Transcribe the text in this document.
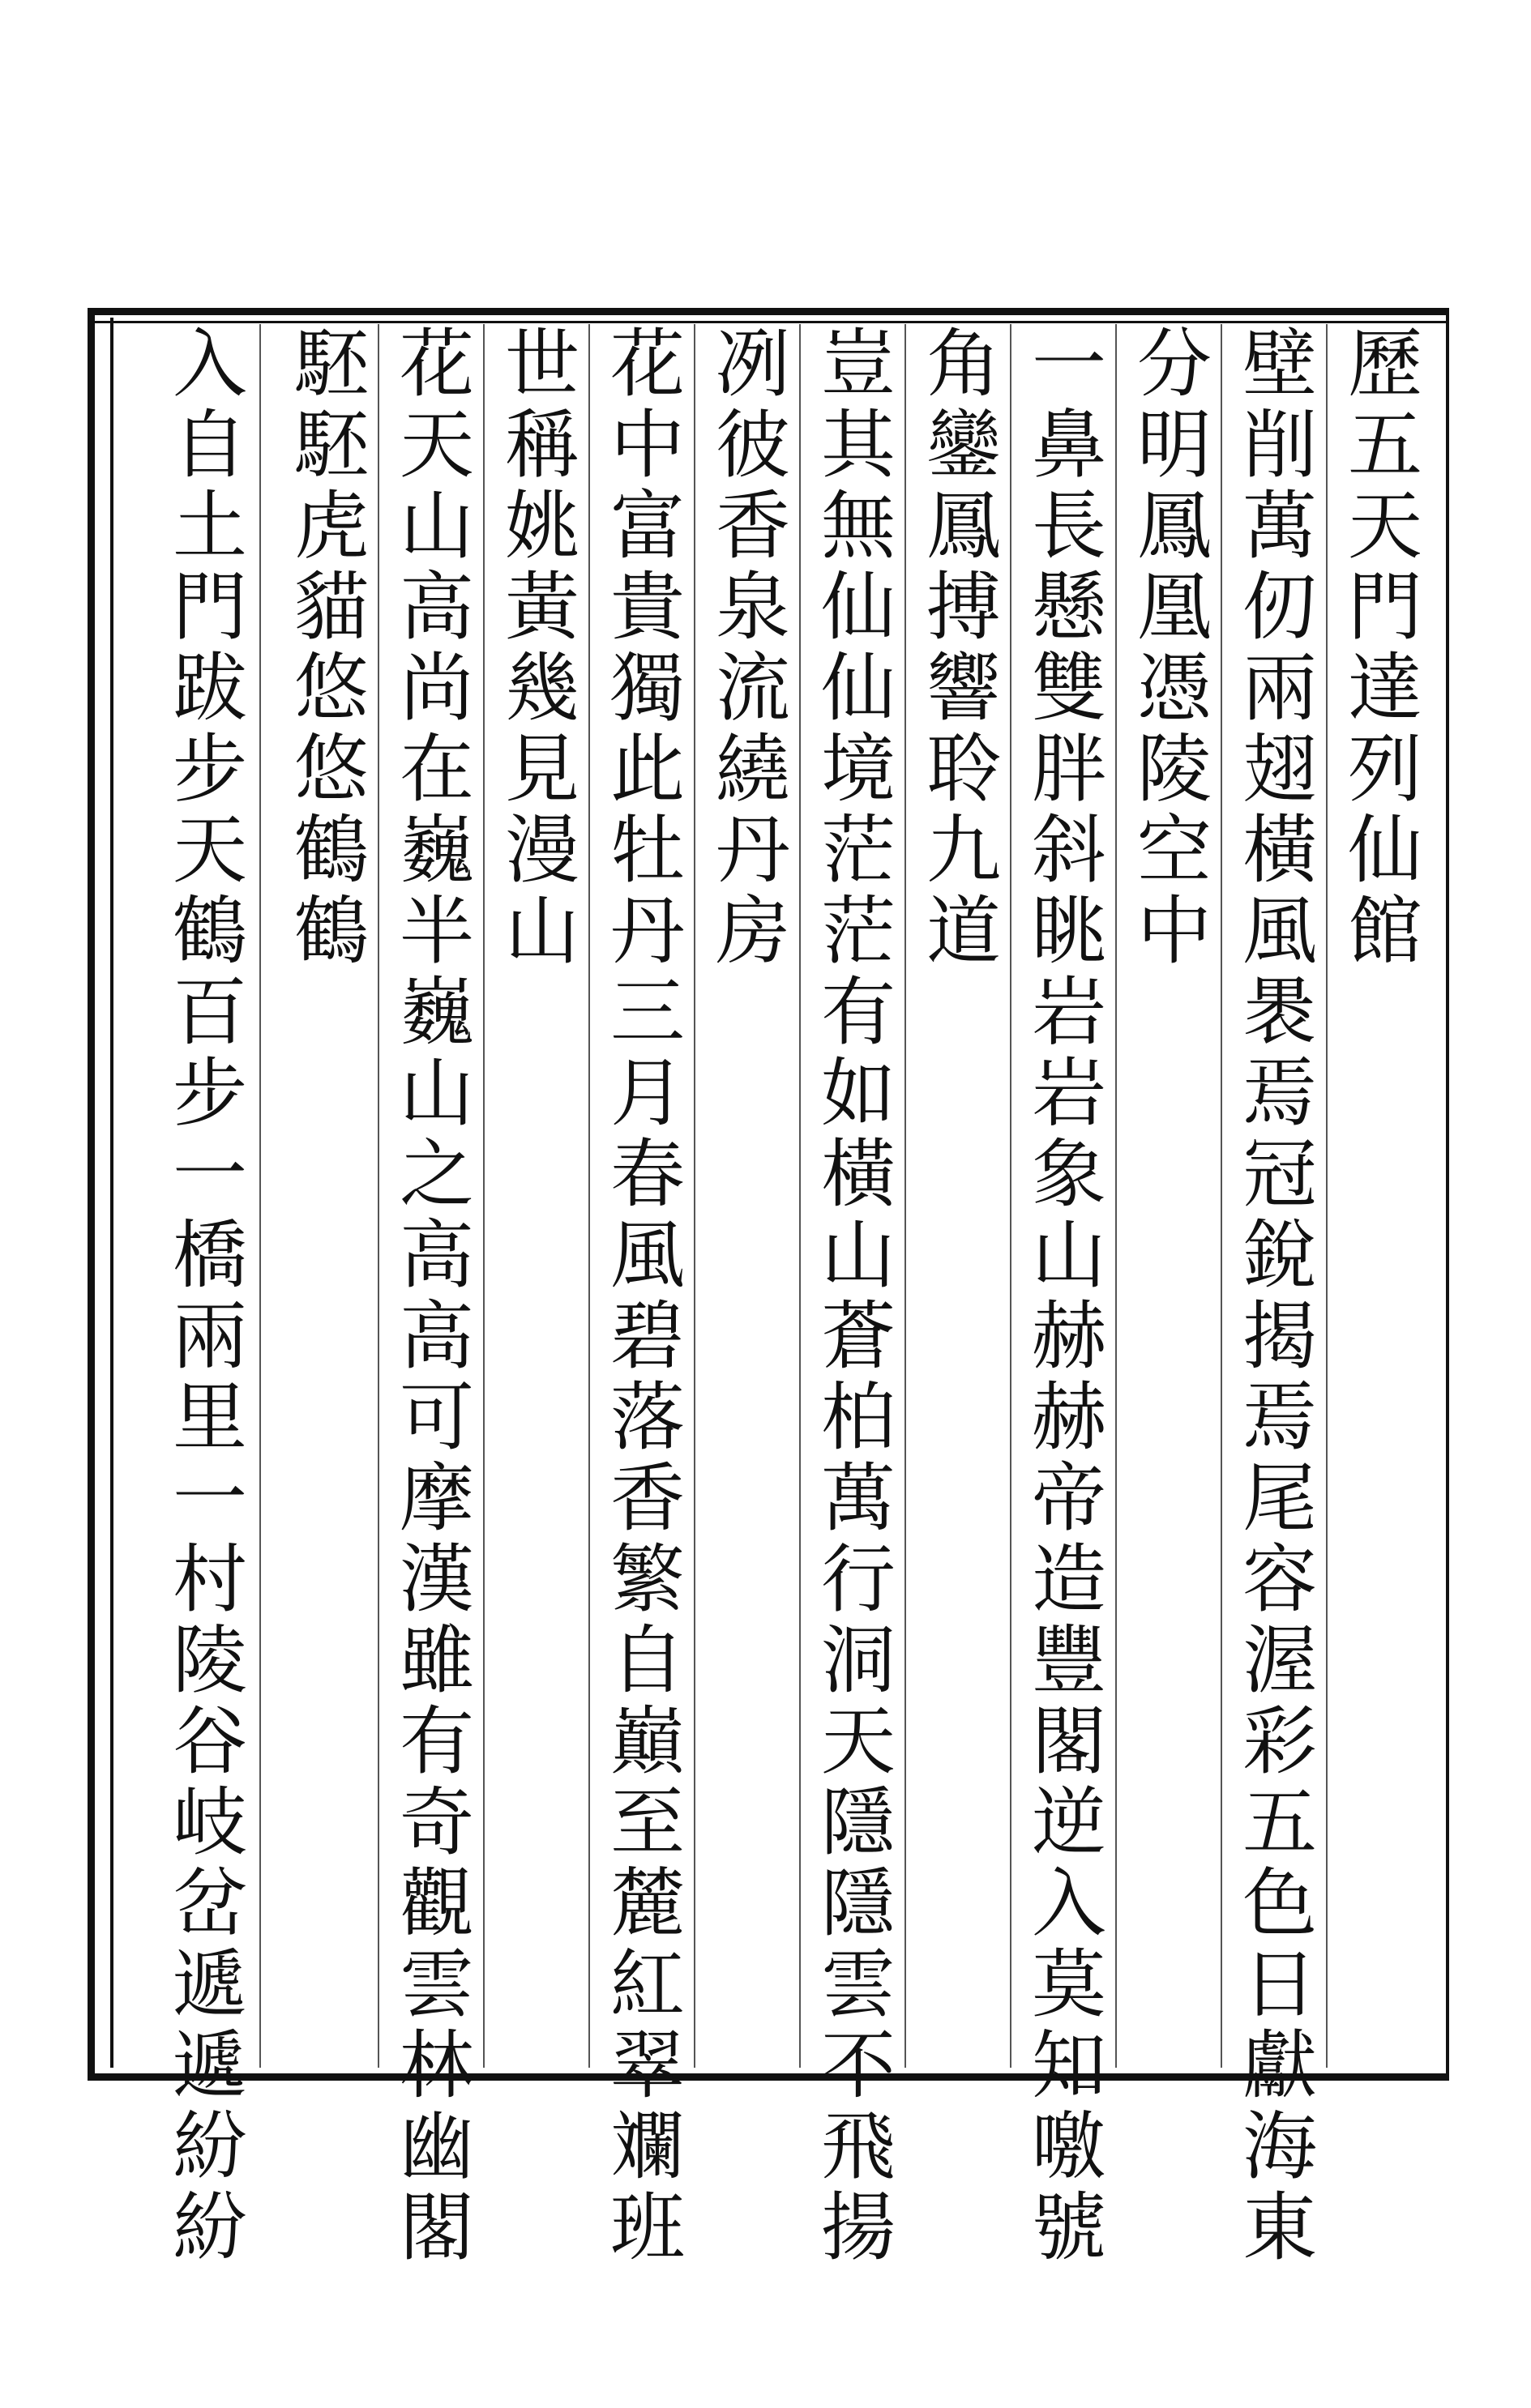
歷五天門達列仙館
壁削萬仞兩翅橫風褁焉冠銳揭焉尾容渥彩五色日獻海東
分明鳳凰憑陵空中
一鼻長懸雙胖斜眺岩岩象山赫赫帝造豐閣逆入莫知噭號
角鑾鳳搏響聆九道
豈其無仙仙境茫茫有如橫山蒼柏萬行洞天隱隱雲不飛揚
冽彼香泉流繞丹房
花中富貴獨此牡丹三月春風碧落香繁自巔至麓紅翠斕班
世稱姚黃幾見漫山
花天山高尚在巍半巍山之高高可摩漢雖有奇觀雲林幽閣
駓駓虎貓悠悠鶴鶴
入自土門跋步天鶴百步一橋兩里一村陵谷岐岔遞遞紛紛
